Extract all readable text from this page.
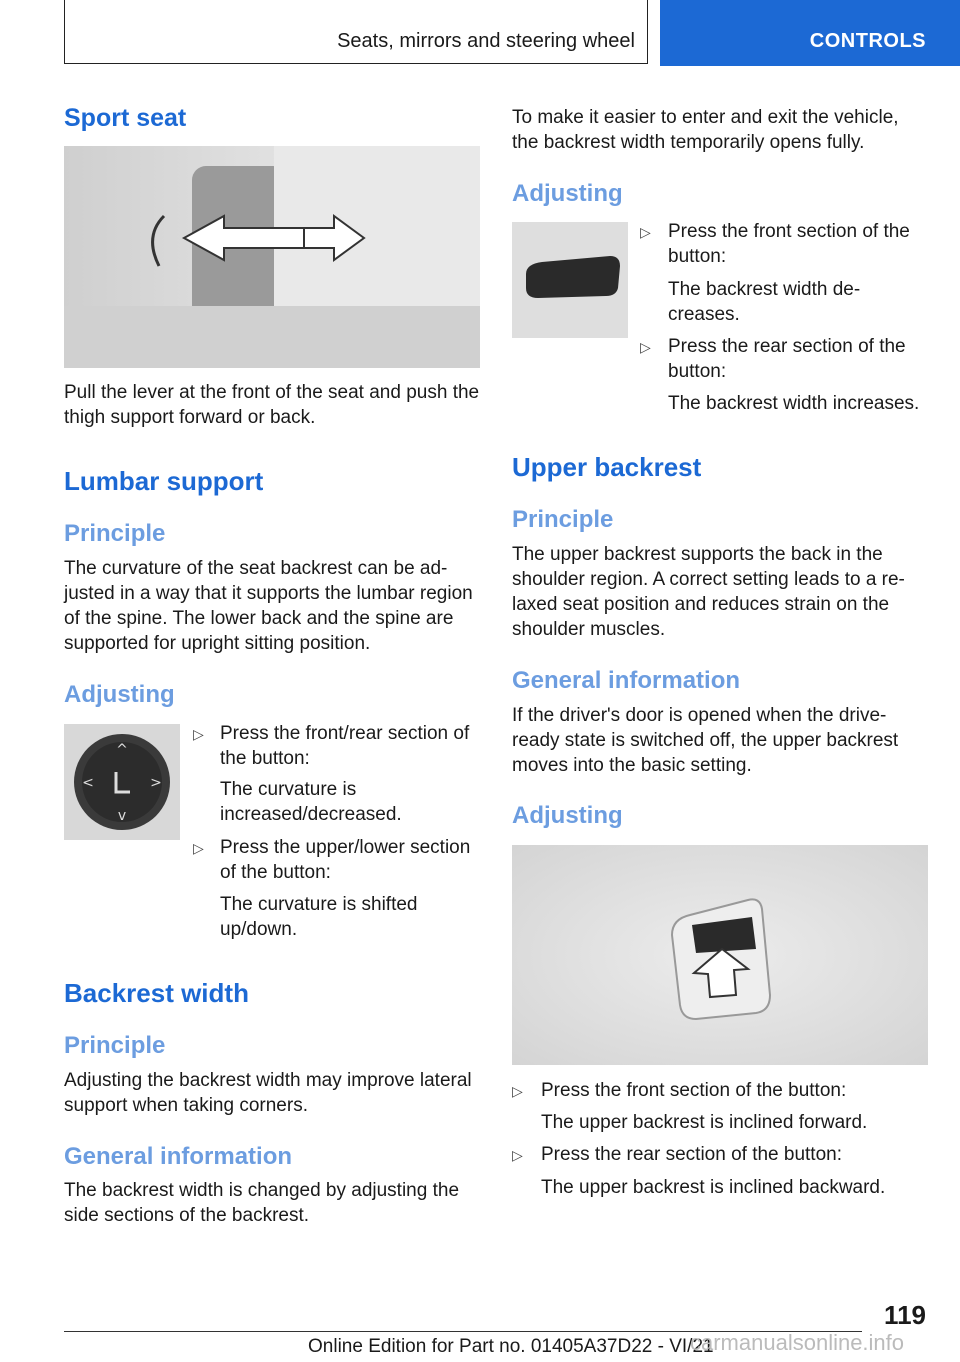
Seats, mirrors and steering wheel	CONTROLS
Sport seat
Pull the lever at the front of the seat and push the thigh support forward or back.
Lumbar support
Principle
The curvature of the seat backrest can be ad‐justed in a way that it supports the lumbar region of the spine. The lower back and the spine are supported for upright sitting position.
Adjusting
^
v
<	>
▷ Press the front/rear section of the button:
The curvature is increased/decreased.
▷ Press the upper/lower section of the button:
The curvature is shifted up/down.
Backrest width
Principle
Adjusting the backrest width may improve lateral support when taking corners.
General information
The backrest width is changed by adjusting the side sections of the backrest.
To make it easier to enter and exit the vehicle, the backrest width temporarily opens fully.
Adjusting
▷ Press the front section of the button:
The backrest width de‐creases.
▷ Press the rear section of the button:
The backrest width increases.
Upper backrest
Principle
The upper backrest supports the back in the shoulder region. A correct setting leads to a re‐laxed seat position and reduces strain on the shoulder muscles.
General information
If the driver's door is opened when the drive‐ready state is switched off, the upper backrest moves into the basic setting.
Adjusting
▷ Press the front section of the button:
The upper backrest is inclined forward.
▷ Press the rear section of the button:
The upper backrest is inclined backward.
119
Online Edition for Part no. 01405A37D22 - VI/21
carmanualsonline.info
